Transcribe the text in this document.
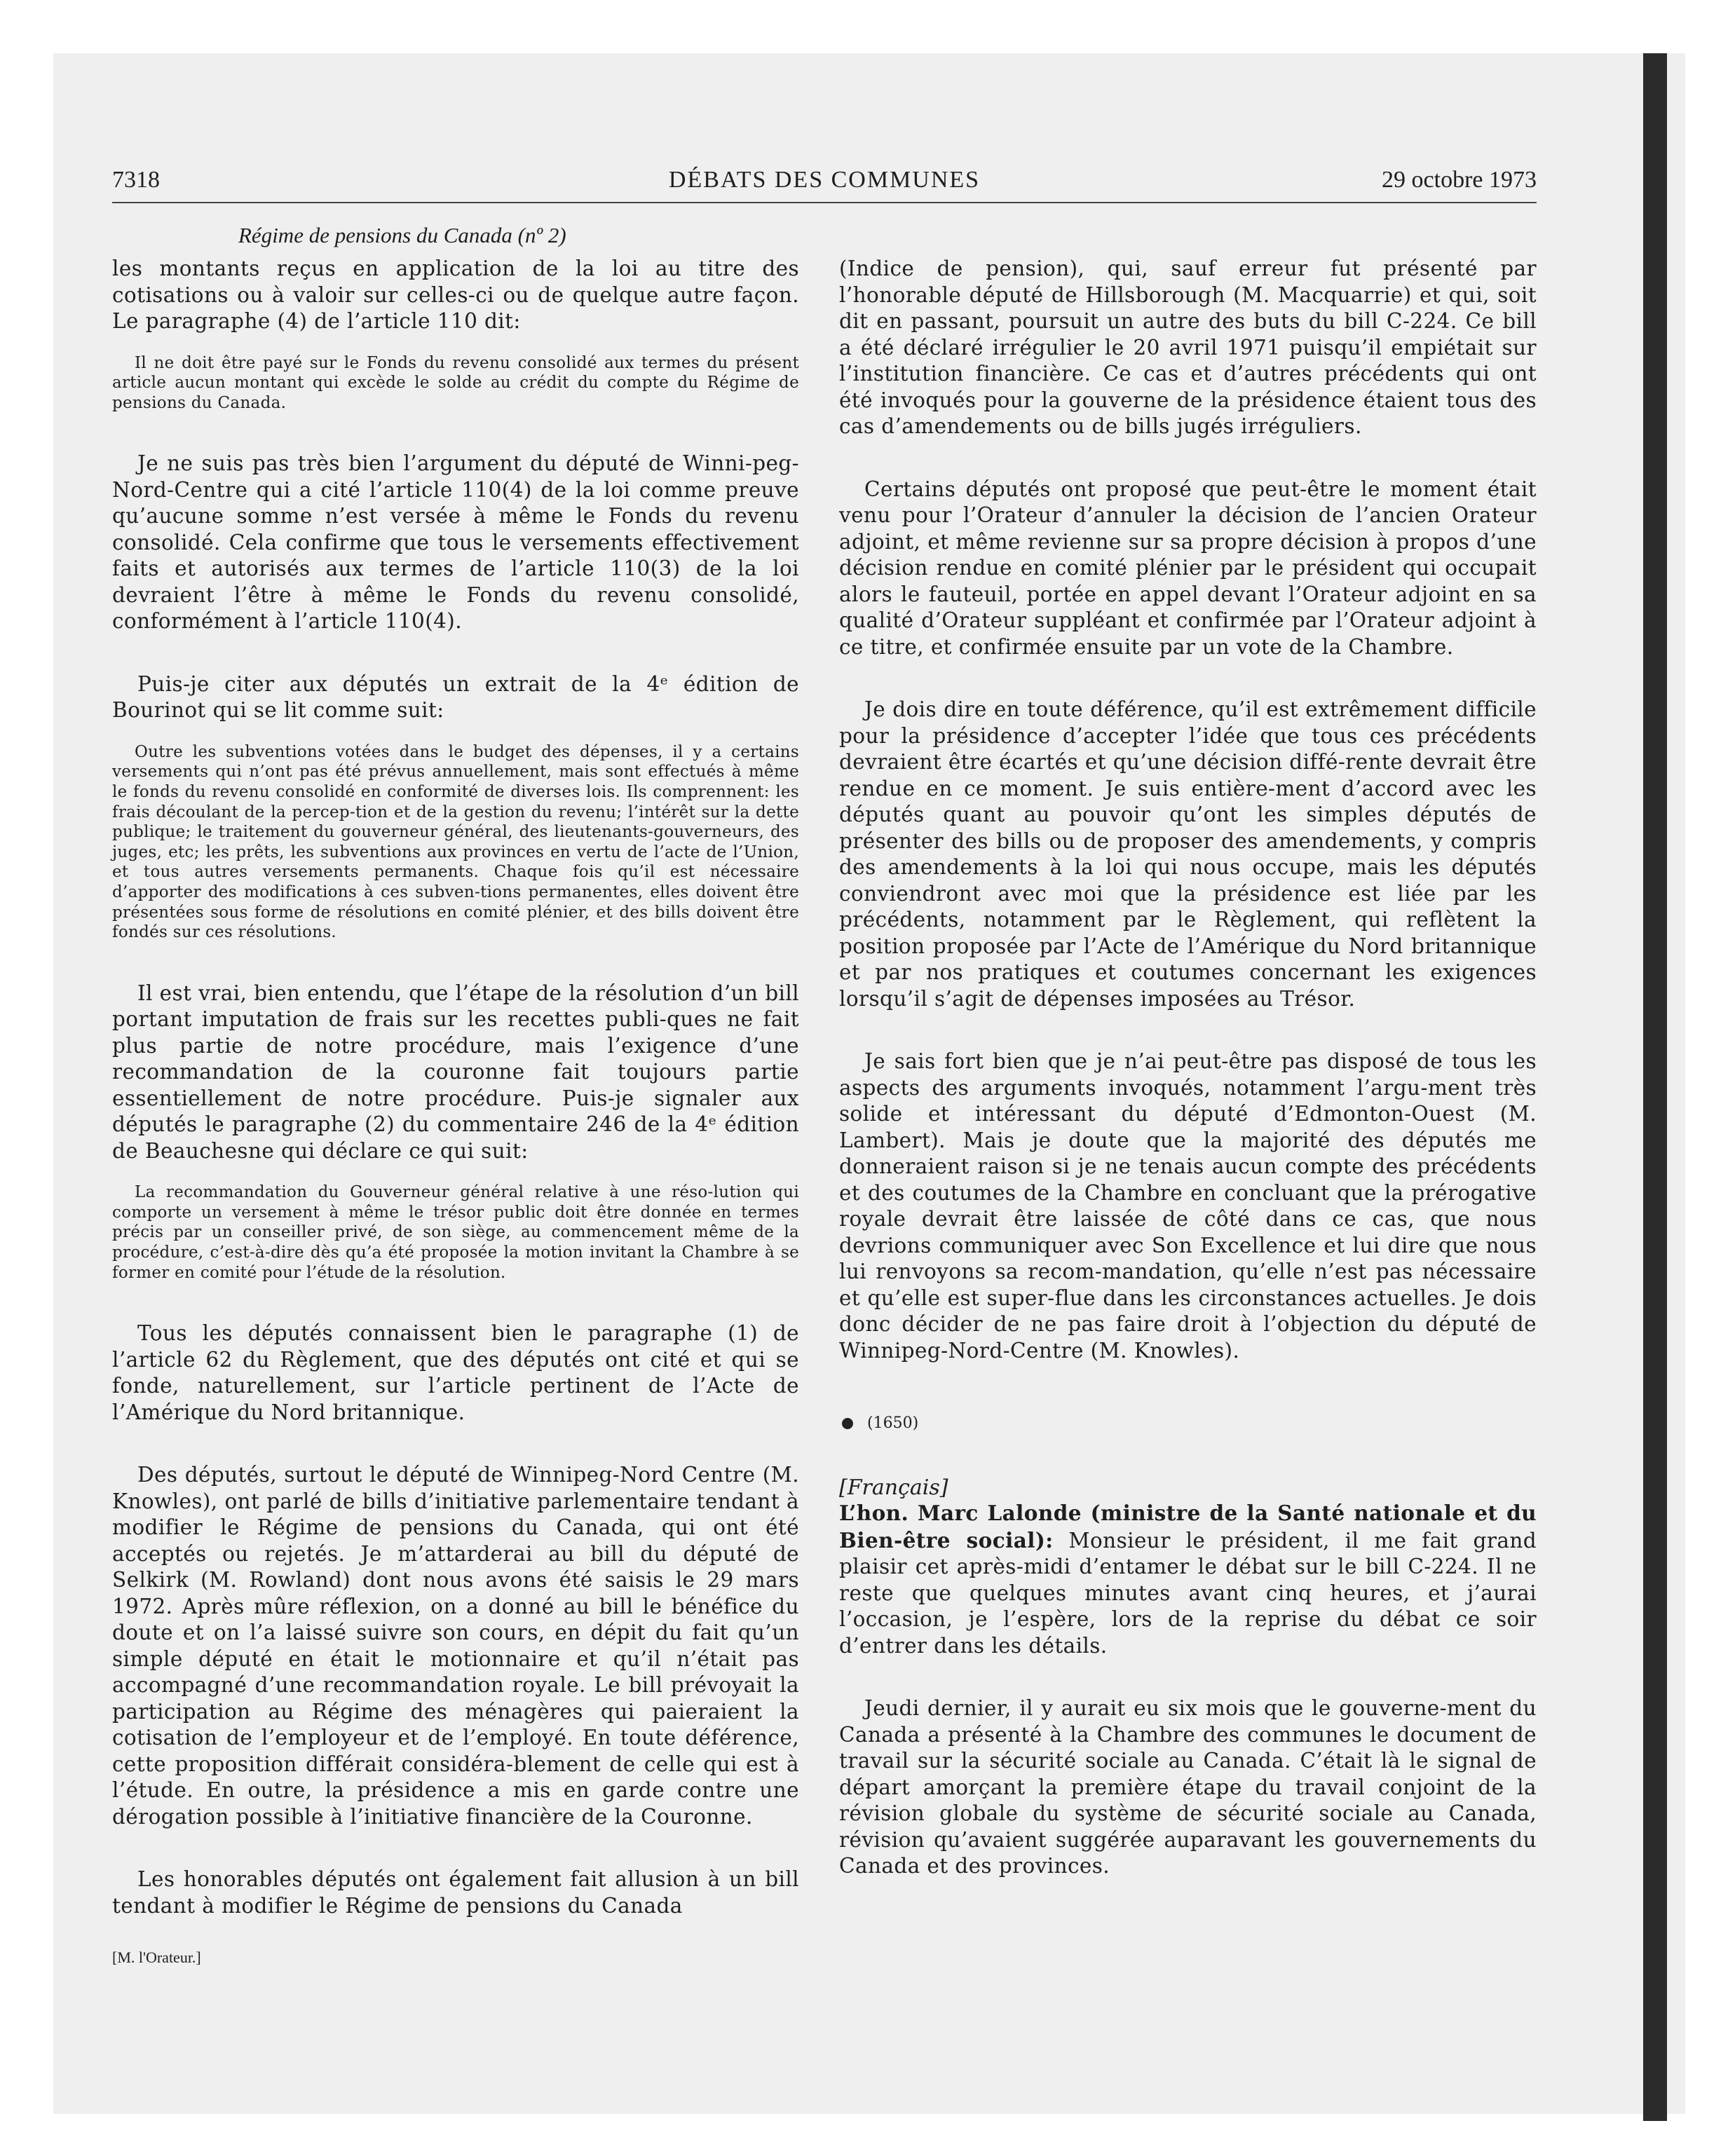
7318	DÉBATS DES COMMUNES	29 octobre 1973
Régime de pensions du Canada (nº 2)

les montants reçus en application de la loi au titre des cotisations ou à valoir sur celles-ci ou de quelque autre façon. Le paragraphe (4) de l’article 110 dit:

Il ne doit être payé sur le Fonds du revenu consolidé aux termes du présent article aucun montant qui excède le solde au crédit du compte du Régime de pensions du Canada.

Je ne suis pas très bien l’argument du député de Winni-peg-Nord-Centre qui a cité l’article 110(4) de la loi comme preuve qu’aucune somme n’est versée à même le Fonds du revenu consolidé. Cela confirme que tous le versements effectivement faits et autorisés aux termes de l’article 110(3) de la loi devraient l’être à même le Fonds du revenu consolidé, conformément à l’article 110(4).

Puis-je citer aux députés un extrait de la 4ᵉ édition de Bourinot qui se lit comme suit:

Outre les subventions votées dans le budget des dépenses, il y a certains versements qui n’ont pas été prévus annuellement, mais sont effectués à même le fonds du revenu consolidé en conformité de diverses lois. Ils comprennent: les frais découlant de la percep-tion et de la gestion du revenu; l’intérêt sur la dette publique; le traitement du gouverneur général, des lieutenants-gouverneurs, des juges, etc; les prêts, les subventions aux provinces en vertu de l’acte de l’Union, et tous autres versements permanents. Chaque fois qu’il est nécessaire d’apporter des modifications à ces subven-tions permanentes, elles doivent être présentées sous forme de résolutions en comité plénier, et des bills doivent être fondés sur ces résolutions.

Il est vrai, bien entendu, que l’étape de la résolution d’un bill portant imputation de frais sur les recettes publi-ques ne fait plus partie de notre procédure, mais l’exigence d’une recommandation de la couronne fait toujours partie essentiellement de notre procédure. Puis-je signaler aux députés le paragraphe (2) du commentaire 246 de la 4ᵉ édition de Beauchesne qui déclare ce qui suit:

La recommandation du Gouverneur général relative à une réso-lution qui comporte un versement à même le trésor public doit être donnée en termes précis par un conseiller privé, de son siège, au commencement même de la procédure, c’est-à-dire dès qu’a été proposée la motion invitant la Chambre à se former en comité pour l’étude de la résolution.

Tous les députés connaissent bien le paragraphe (1) de l’article 62 du Règlement, que des députés ont cité et qui se fonde, naturellement, sur l’article pertinent de l’Acte de l’Amérique du Nord britannique.

Des députés, surtout le député de Winnipeg-Nord Centre (M. Knowles), ont parlé de bills d’initiative parlementaire tendant à modifier le Régime de pensions du Canada, qui ont été acceptés ou rejetés. Je m’attarderai au bill du député de Selkirk (M. Rowland) dont nous avons été saisis le 29 mars 1972. Après mûre réflexion, on a donné au bill le bénéfice du doute et on l’a laissé suivre son cours, en dépit du fait qu’un simple député en était le motionnaire et qu’il n’était pas accompagné d’une recommandation royale. Le bill prévoyait la participation au Régime des ménagères qui paieraient la cotisation de l’employeur et de l’employé. En toute déférence, cette proposition différait considéra-blement de celle qui est à l’étude. En outre, la présidence a mis en garde contre une dérogation possible à l’initiative financière de la Couronne.

Les honorables députés ont également fait allusion à un bill tendant à modifier le Régime de pensions du Canada

[M. l'Orateur.]

(Indice de pension), qui, sauf erreur fut présenté par l’honorable député de Hillsborough (M. Macquarrie) et qui, soit dit en passant, poursuit un autre des buts du bill C-224. Ce bill a été déclaré irrégulier le 20 avril 1971 puisqu’il empiétait sur l’institution financière. Ce cas et d’autres précédents qui ont été invoqués pour la gouverne de la présidence étaient tous des cas d’amendements ou de bills jugés irréguliers.

Certains députés ont proposé que peut-être le moment était venu pour l’Orateur d’annuler la décision de l’ancien Orateur adjoint, et même revienne sur sa propre décision à propos d’une décision rendue en comité plénier par le président qui occupait alors le fauteuil, portée en appel devant l’Orateur adjoint en sa qualité d’Orateur suppléant et confirmée par l’Orateur adjoint à ce titre, et confirmée ensuite par un vote de la Chambre.

Je dois dire en toute déférence, qu’il est extrêmement difficile pour la présidence d’accepter l’idée que tous ces précédents devraient être écartés et qu’une décision diffé-rente devrait être rendue en ce moment. Je suis entière-ment d’accord avec les députés quant au pouvoir qu’ont les simples députés de présenter des bills ou de proposer des amendements, y compris des amendements à la loi qui nous occupe, mais les députés conviendront avec moi que la présidence est liée par les précédents, notamment par le Règlement, qui reflètent la position proposée par l’Acte de l’Amérique du Nord britannique et par nos pratiques et coutumes concernant les exigences lorsqu’il s’agit de dépenses imposées au Trésor.

Je sais fort bien que je n’ai peut-être pas disposé de tous les aspects des arguments invoqués, notamment l’argu-ment très solide et intéressant du député d’Edmonton-Ouest (M. Lambert). Mais je doute que la majorité des députés me donneraient raison si je ne tenais aucun compte des précédents et des coutumes de la Chambre en concluant que la prérogative royale devrait être laissée de côté dans ce cas, que nous devrions communiquer avec Son Excellence et lui dire que nous lui renvoyons sa recom-mandation, qu’elle n’est pas nécessaire et qu’elle est super-flue dans les circonstances actuelles. Je dois donc décider de ne pas faire droit à l’objection du député de Winnipeg-Nord-Centre (M. Knowles).

(1650)
[Français]

L’hon. Marc Lalonde (ministre de la Santé nationale et du Bien-être social): Monsieur le président, il me fait grand plaisir cet après-midi d’entamer le débat sur le bill C-224. Il ne reste que quelques minutes avant cinq heures, et j’aurai l’occasion, je l’espère, lors de la reprise du débat ce soir d’entrer dans les détails.

Jeudi dernier, il y aurait eu six mois que le gouverne-ment du Canada a présenté à la Chambre des communes le document de travail sur la sécurité sociale au Canada. C’était là le signal de départ amorçant la première étape du travail conjoint de la révision globale du système de sécurité sociale au Canada, révision qu’avaient suggérée auparavant les gouvernements du Canada et des provinces.
